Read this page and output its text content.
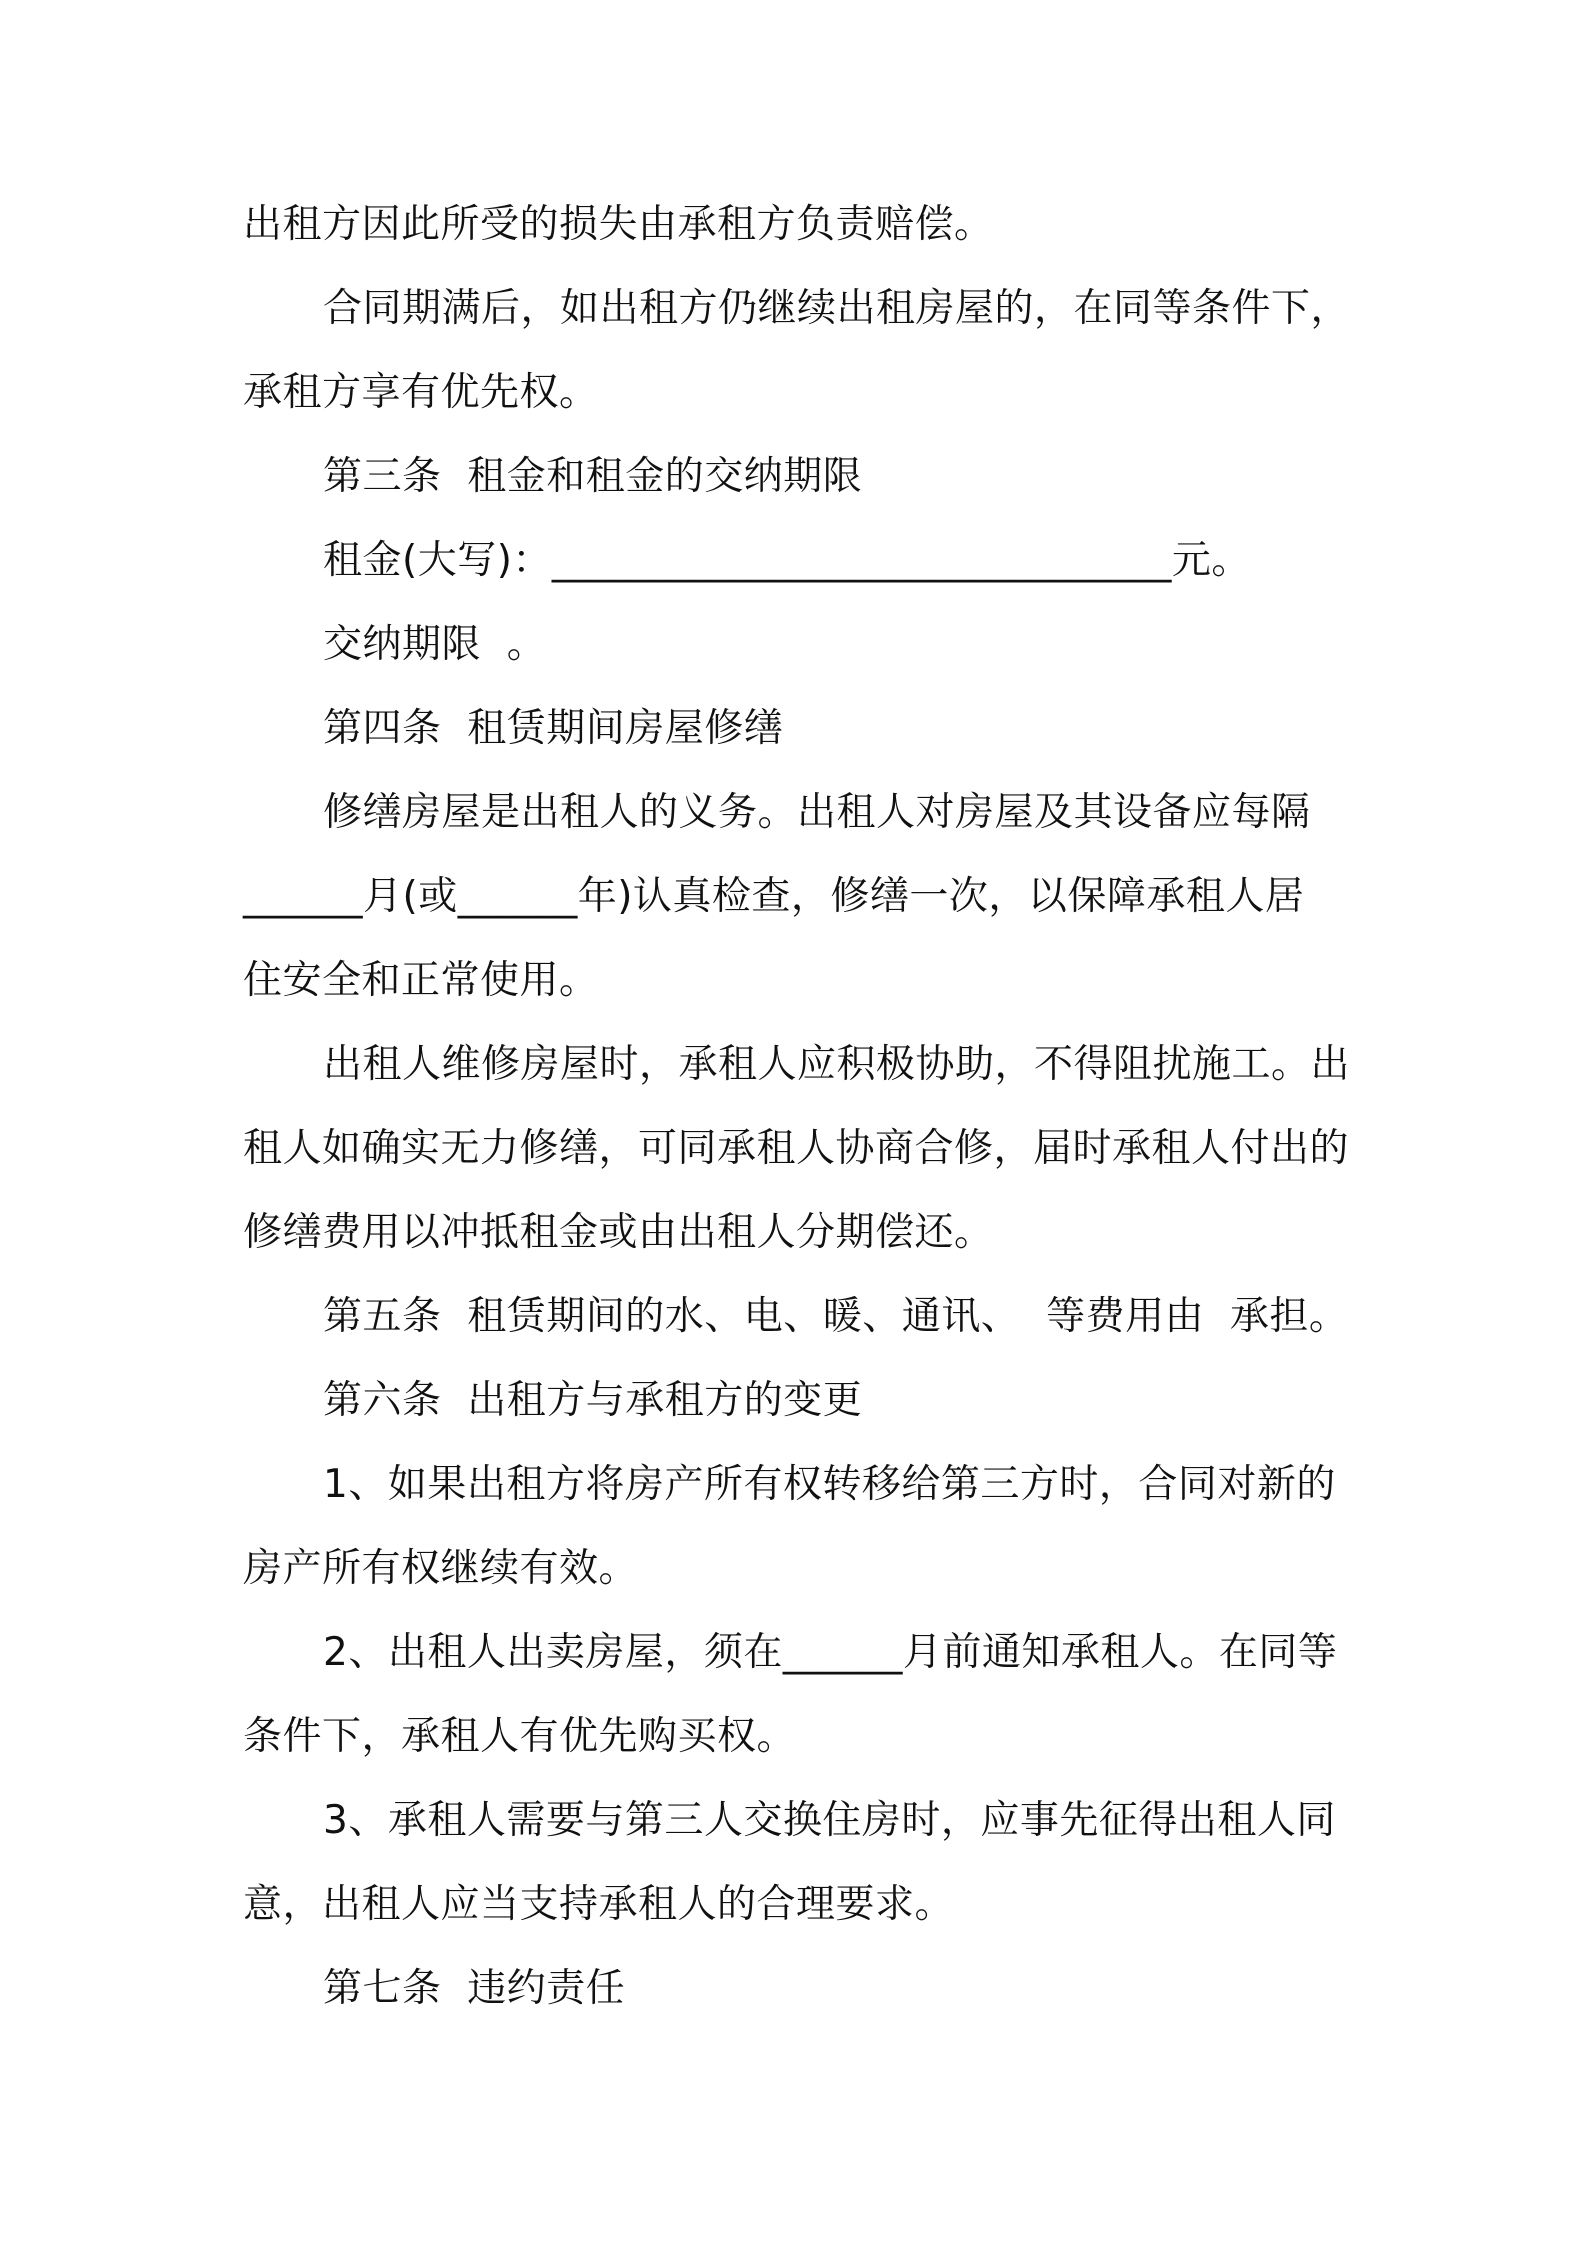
出租方因此所受的损失由承租方负责赔偿。
合同期满后，如出租方仍继续出租房屋的，在同等条件下，
承租方享有优先权。
第三条  租金和租金的交纳期限
租金(大写)：_______________________________元。
交纳期限  。
第四条  租赁期间房屋修缮
修缮房屋是出租人的义务。出租人对房屋及其设备应每隔
______月(或______年)认真检查，修缮一次，以保障承租人居
住安全和正常使用。
出租人维修房屋时，承租人应积极协助，不得阻扰施工。出
租人如确实无力修缮，可同承租人协商合修，届时承租人付出的
修缮费用以冲抵租金或由出租人分期偿还。
第五条  租赁期间的水、电、暖、通讯、  等费用由  承担。
第六条  出租方与承租方的变更
1、如果出租方将房产所有权转移给第三方时，合同对新的
房产所有权继续有效。
2、出租人出卖房屋，须在______月前通知承租人。在同等
条件下，承租人有优先购买权。
3、承租人需要与第三人交换住房时，应事先征得出租人同
意，出租人应当支持承租人的合理要求。
第七条  违约责任
